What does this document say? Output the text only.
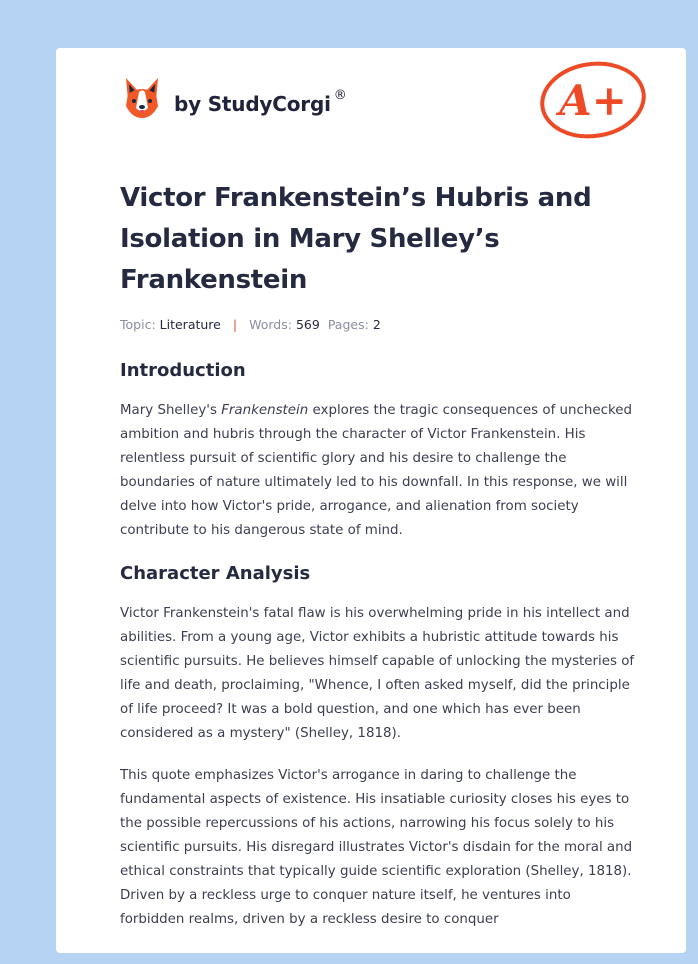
by StudyCorgi ®	A+
Victor Frankenstein’s Hubris and Isolation in Mary Shelley’s Frankenstein
Topic: Literature | Words: 569 Pages: 2
Introduction

Mary Shelley's Frankenstein explores the tragic consequences of unchecked ambition and hubris through the character of Victor Frankenstein. His relentless pursuit of scientific glory and his desire to challenge the boundaries of nature ultimately led to his downfall. In this response, we will delve into how Victor's pride, arrogance, and alienation from society contribute to his dangerous state of mind.

Character Analysis

Victor Frankenstein's fatal flaw is his overwhelming pride in his intellect and abilities. From a young age, Victor exhibits a hubristic attitude towards his scientific pursuits. He believes himself capable of unlocking the mysteries of life and death, proclaiming, "Whence, I often asked myself, did the principle of life proceed? It was a bold question, and one which has ever been considered as a mystery" (Shelley, 1818).

This quote emphasizes Victor's arrogance in daring to challenge the fundamental aspects of existence. His insatiable curiosity closes his eyes to the possible repercussions of his actions, narrowing his focus solely to his scientific pursuits. His disregard illustrates Victor's disdain for the moral and ethical constraints that typically guide scientific exploration (Shelley, 1818). Driven by a reckless urge to conquer nature itself, he ventures into forbidden realms, driven by a reckless desire to conquer
